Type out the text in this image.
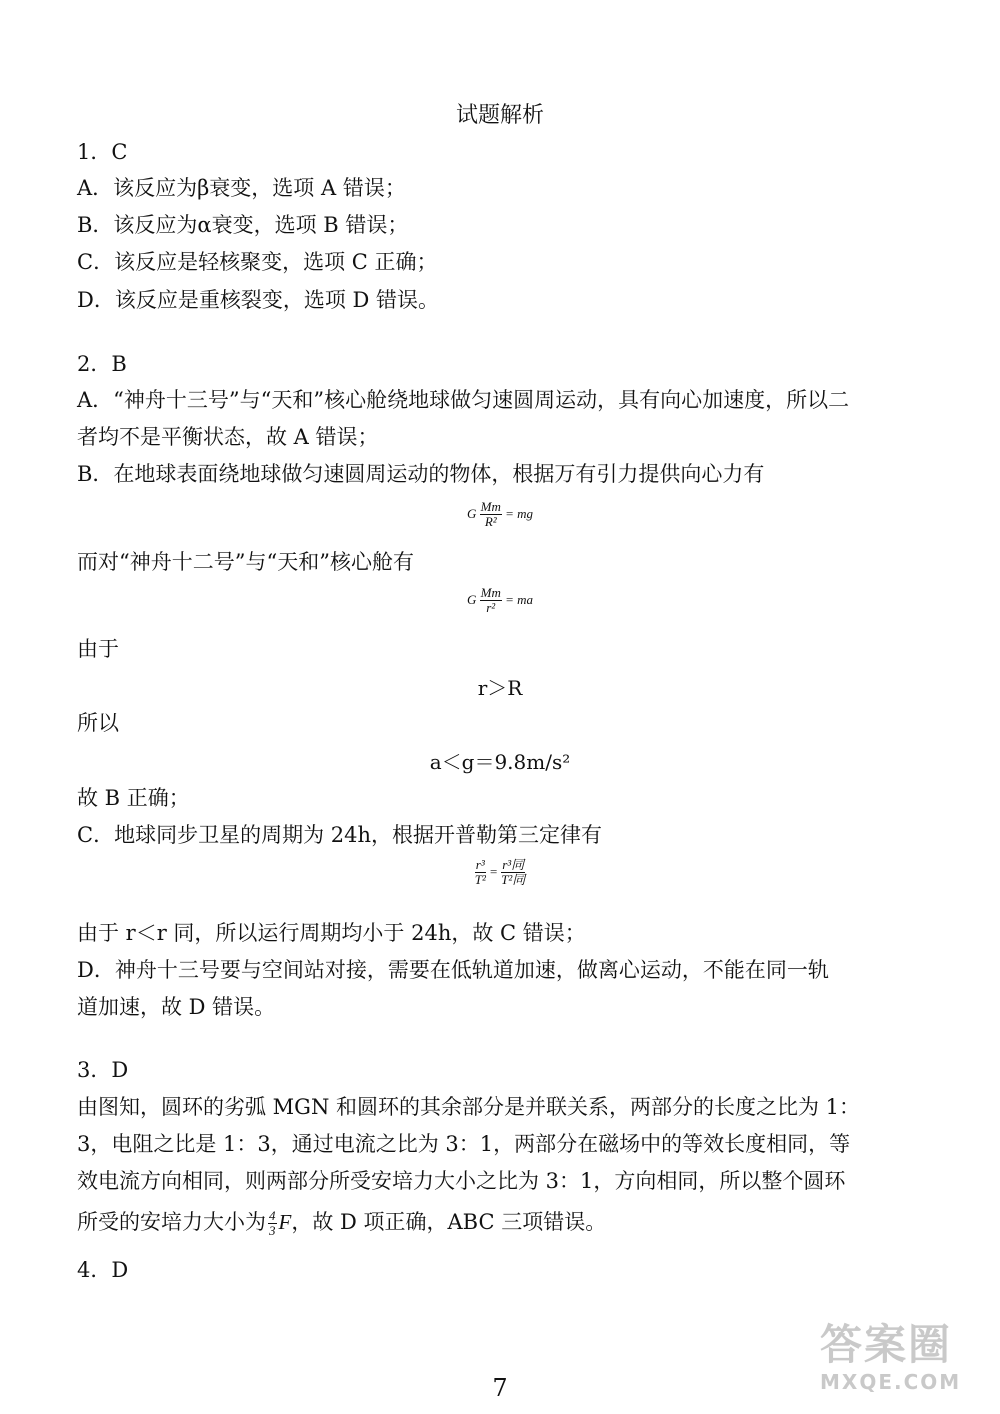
试题解析
1．C
A．该反应为β衰变，选项 A 错误；
B．该反应为α衰变，选项 B 错误；
C．该反应是轻核聚变，选项 C 正确；
D．该反应是重核裂变，选项 D 错误。
2．B
A．“神舟十三号”与“天和”核心舱绕地球做匀速圆周运动，具有向心加速度，所以二
者均不是平衡状态，故 A 错误；
B．在地球表面绕地球做匀速圆周运动的物体，根据万有引力提供向心力有
G $\frac{Mm}{\text{R²}}$ = mg
而对“神舟十二号”与“天和”核心舱有
G $\frac{Mm}{\text{r²}}$ = ma
由于
r＞R
所以
a＜g＝9.8m/s²
故 B 正确；
C．地球同步卫星的周期为 24h，根据开普勒第三定律有
$\frac{\text{r³}}{\text{T²}} = \frac{\text{r³同}}{\text{T²同}}$
由于 r＜r 同，所以运行周期均小于 24h，故 C 错误；
D．神舟十三号要与空间站对接，需要在低轨道加速，做离心运动，不能在同一轨
道加速，故 D 错误。
3．D
由图知，圆环的劣弧 MGN 和圆环的其余部分是并联关系，两部分的长度之比为 1：
3，电阻之比是 1：3，通过电流之比为 3：1，两部分在磁场中的等效长度相同，等
效电流方向相同，则两部分所受安培力大小之比为 3：1，方向相同，所以整个圆环
所受的安培力大小为 $\frac{4}{3}$ F，故 D 项正确，ABC 三项错误。
4．D
7
答案圈
MXQE.COM
